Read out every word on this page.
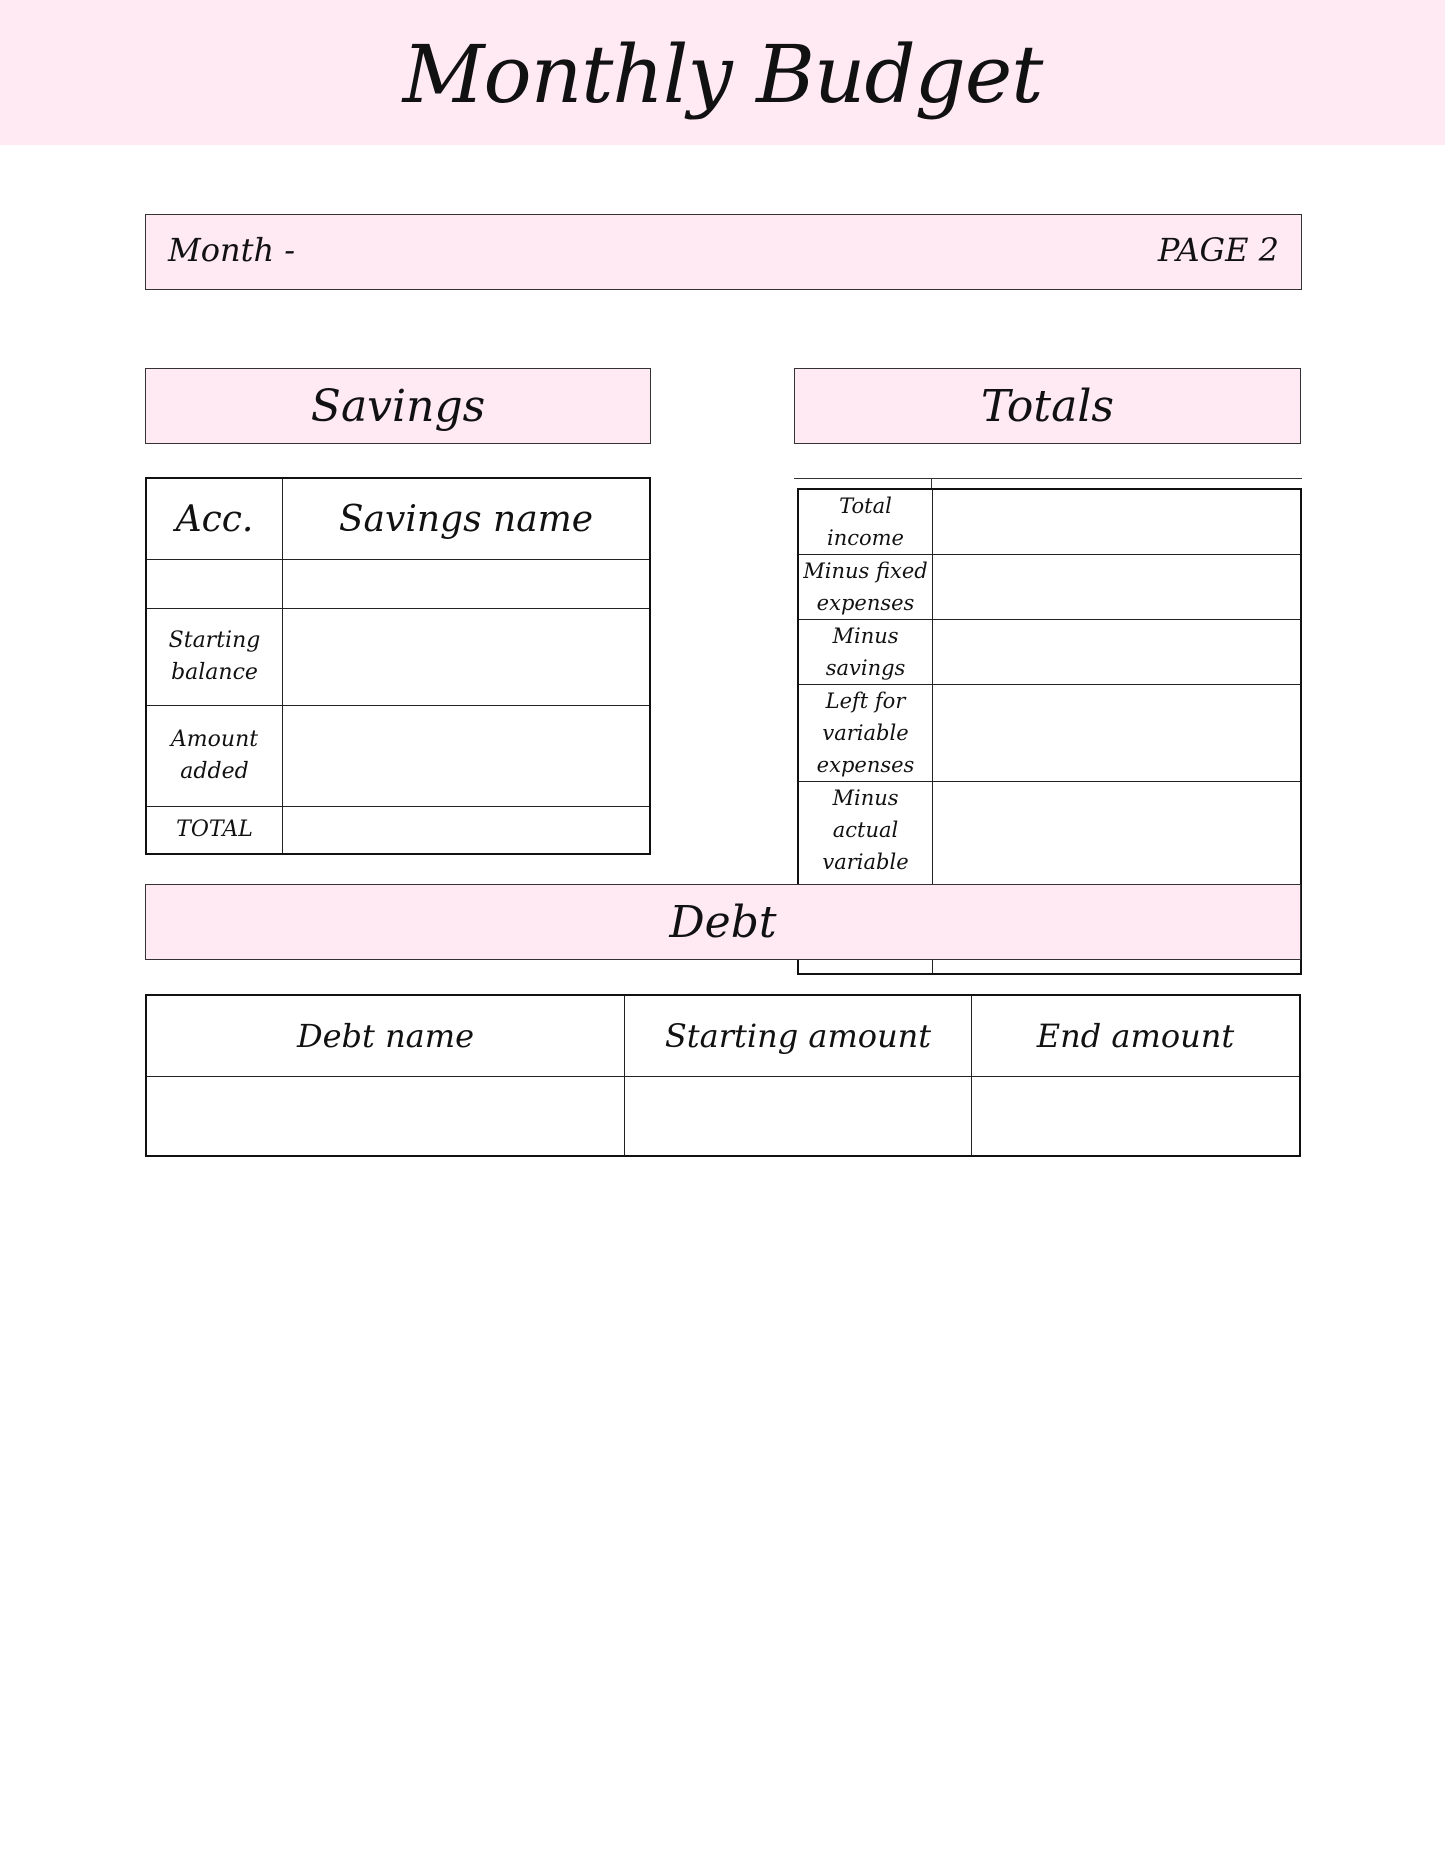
Monthly Budget
Month -	PAGE 2
Savings	Totals
Acc.	Savings name

Starting balance	
Amount added	
TOTAL	
Total income	
Minus fixed expenses	
Minus savings	
Left for variable expenses	
Minus actual variable	

Debt
Debt name	Starting amount	End amount
